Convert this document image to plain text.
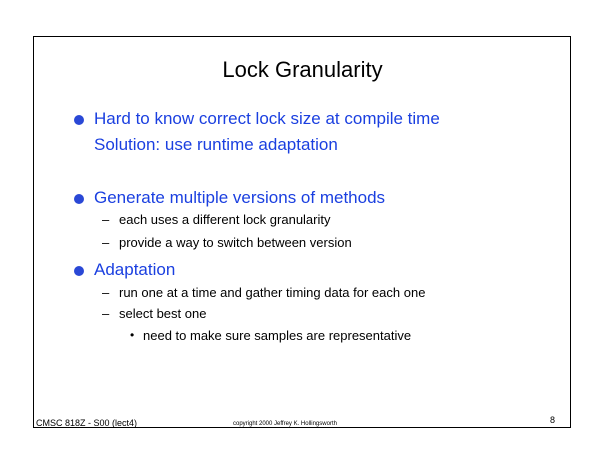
Lock Granularity
Hard to know correct lock size at compile time
Solution: use runtime adaptation
Generate multiple versions of methods
– each uses a different lock granularity
– provide a way to switch between version
Adaptation
– run one at a time and gather timing data for each one
– select best one
• need to make sure samples are representative
CMSC 818Z - S00 (lect4)	copyright 2000 Jeffrey K. Hollingsworth	8
